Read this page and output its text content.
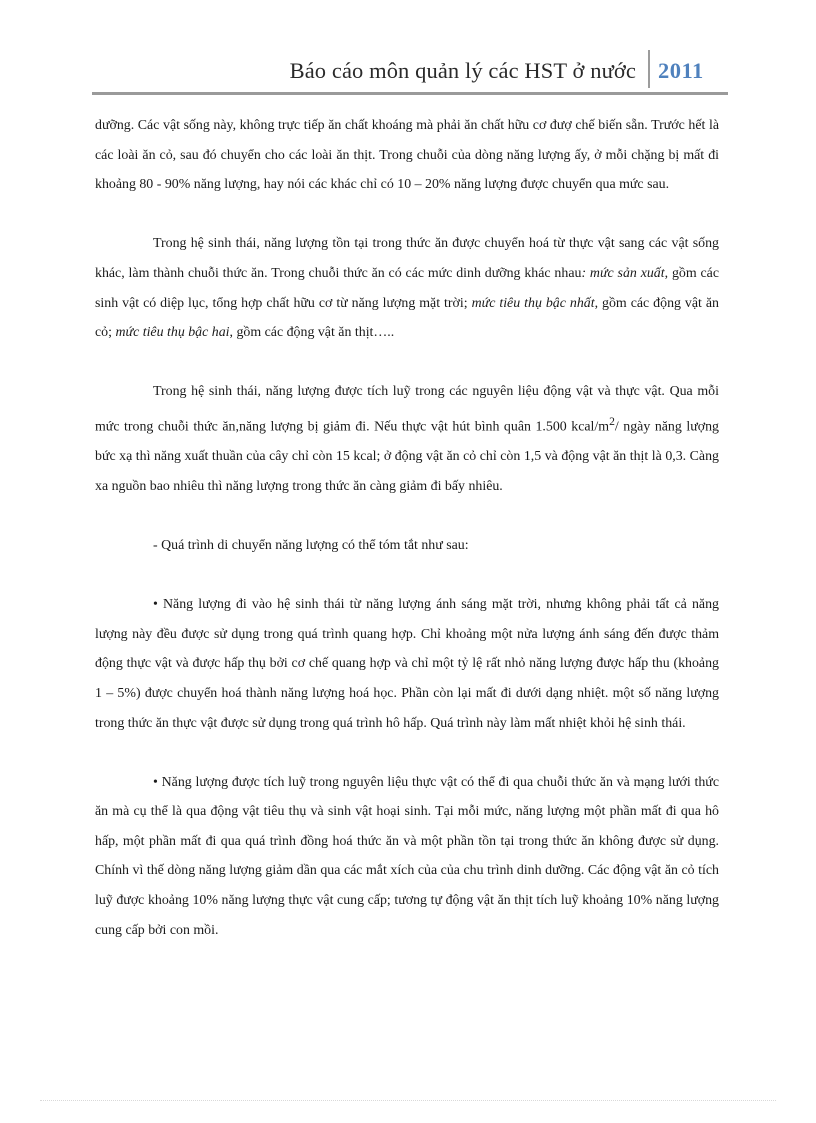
Báo cáo môn quản lý các HST ở nước 2011

dưỡng. Các vật sống này, không trực tiếp ăn chất khoáng mà phải ăn chất hữu cơ đượ chế biến sẵn. Trước hết là các loài ăn cỏ, sau đó chuyển cho các loài ăn thịt. Trong chuỗi của dòng năng lượng ấy, ở mỗi chặng bị mất đi khoảng 80 - 90% năng lượng, hay nói các khác chỉ có 10 – 20% năng lượng được chuyển qua mức sau.

Trong hệ sinh thái, năng lượng tồn tại trong thức ăn được chuyển hoá từ thực vật sang các vật sống khác, làm thành chuỗi thức ăn. Trong chuỗi thức ăn có các mức dinh dưỡng khác nhau: mức sản xuất, gồm các sinh vật có diệp lục, tổng hợp chất hữu cơ từ năng lượng mặt trời; mức tiêu thụ bậc nhất, gồm các động vật ăn cỏ; mức tiêu thụ bậc hai, gồm các động vật ăn thịt…..

Trong hệ sinh thái, năng lượng được tích luỹ trong các nguyên liệu động vật và thực vật. Qua mỗi mức trong chuỗi thức ăn,năng lượng bị giảm đi. Nếu thực vật hút bình quân 1.500 kcal/$m^2/$ ngày năng lượng bức xạ thì năng xuất thuần của cây chỉ còn 15 kcal; ở động vật ăn cỏ chỉ còn 1,5 và động vật ăn thịt là 0,3. Càng xa nguồn bao nhiêu thì năng lượng trong thức ăn càng giảm đi bấy nhiêu.

- Quá trình di chuyển năng lượng có thể tóm tắt như sau:

• Năng lượng đi vào hệ sinh thái từ năng lượng ánh sáng mặt trời, nhưng không phải tất cả năng lượng này đều được sử dụng trong quá trình quang hợp. Chỉ khoảng một nửa lượng ánh sáng đến được thảm động thực vật và được hấp thụ bởi cơ chế quang hợp và chỉ một tỷ lệ rất nhỏ năng lượng được hấp thu (khoảng 1 – 5%) được chuyển hoá thành năng lượng hoá học. Phần còn lại mất đi dưới dạng nhiệt. một số năng lượng trong thức ăn thực vật được sử dụng trong quá trình hô hấp. Quá trình này làm mất nhiệt khỏi hệ sinh thái.

• Năng lượng được tích luỹ trong nguyên liệu thực vật có thể đi qua chuỗi thức ăn và mạng lưới thức ăn mà cụ thể là qua động vật tiêu thụ và sinh vật hoại sinh. Tại mỗi mức, năng lượng một phần mất đi qua hô hấp, một phần mất đi qua quá trình đồng hoá thức ăn và một phần tồn tại trong thức ăn không được sử dụng. Chính vì thế dòng năng lượng giảm dần qua các mắt xích của của chu trình dinh dưỡng. Các động vật ăn cỏ tích luỹ được khoảng 10% năng lượng thực vật cung cấp; tương tự động vật ăn thịt tích luỹ khoảng 10% năng lượng cung cấp bởi con mồi.
